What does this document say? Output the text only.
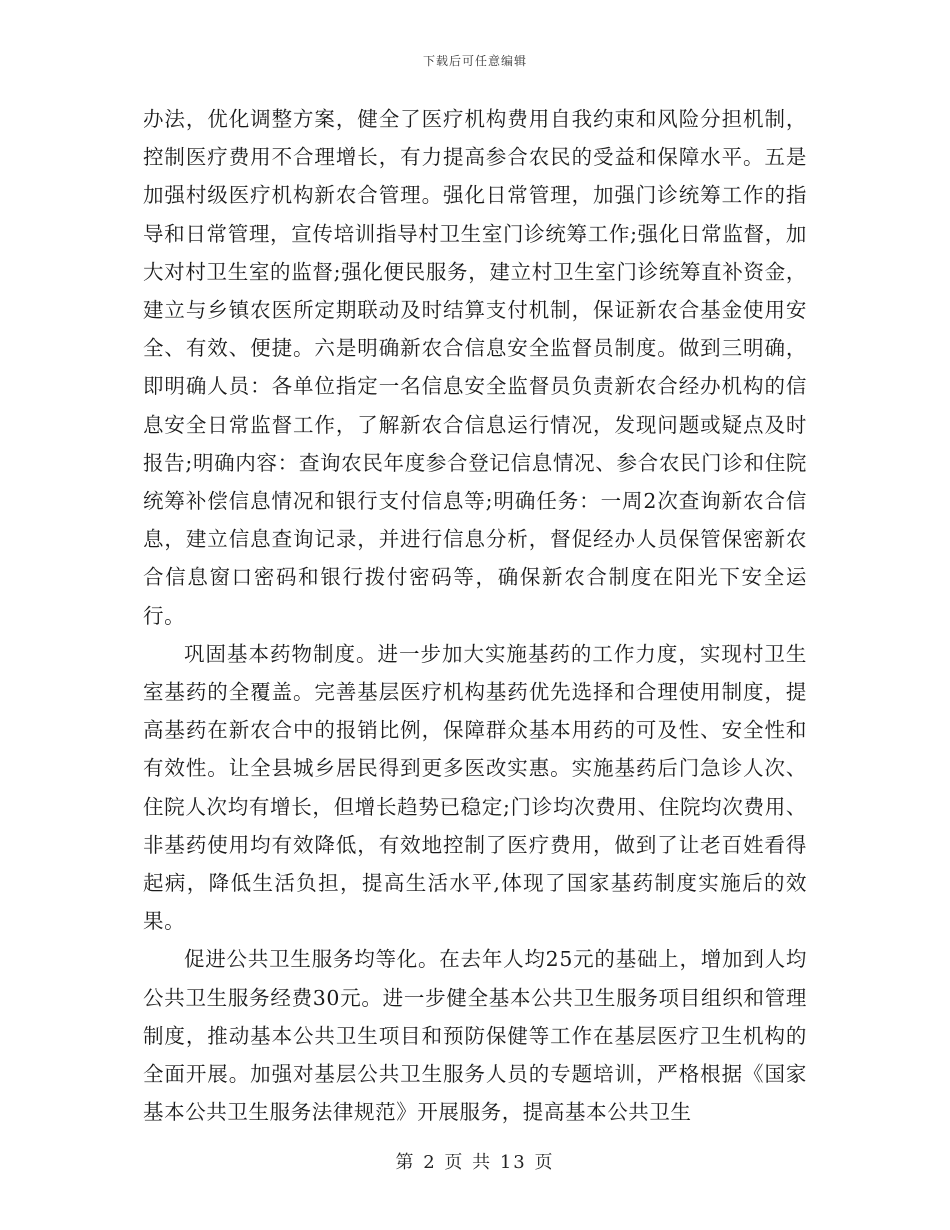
下载后可任意编辑

办法，优化调整方案，健全了医疗机构费用自我约束和风险分担机制，控制医疗费用不合理增长，有力提高参合农民的受益和保障水平。五是加强村级医疗机构新农合管理。强化日常管理，加强门诊统筹工作的指导和日常管理，宣传培训指导村卫生室门诊统筹工作;强化日常监督，加大对村卫生室的监督;强化便民服务，建立村卫生室门诊统筹直补资金，建立与乡镇农医所定期联动及时结算支付机制，保证新农合基金使用安全、有效、便捷。六是明确新农合信息安全监督员制度。做到三明确，即明确人员：各单位指定一名信息安全监督员负责新农合经办机构的信息安全日常监督工作，了解新农合信息运行情况，发现问题或疑点及时报告;明确内容：查询农民年度参合登记信息情况、参合农民门诊和住院统筹补偿信息情况和银行支付信息等;明确任务：一周2次查询新农合信息，建立信息查询记录，并进行信息分析，督促经办人员保管保密新农合信息窗口密码和银行拨付密码等，确保新农合制度在阳光下安全运行。

巩固基本药物制度。进一步加大实施基药的工作力度，实现村卫生室基药的全覆盖。完善基层医疗机构基药优先选择和合理使用制度，提高基药在新农合中的报销比例，保障群众基本用药的可及性、安全性和有效性。让全县城乡居民得到更多医改实惠。实施基药后门急诊人次、住院人次均有增长，但增长趋势已稳定;门诊均次费用、住院均次费用、非基药使用均有效降低，有效地控制了医疗费用，做到了让老百姓看得起病，降低生活负担，提高生活水平,体现了国家基药制度实施后的效果。

促进公共卫生服务均等化。在去年人均25元的基础上，增加到人均公共卫生服务经费30元。进一步健全基本公共卫生服务项目组织和管理制度，推动基本公共卫生项目和预防保健等工作在基层医疗卫生机构的全面开展。加强对基层公共卫生服务人员的专题培训，严格根据《国家基本公共卫生服务法律规范》开展服务，提高基本公共卫生

第 2 页 共 13 页
